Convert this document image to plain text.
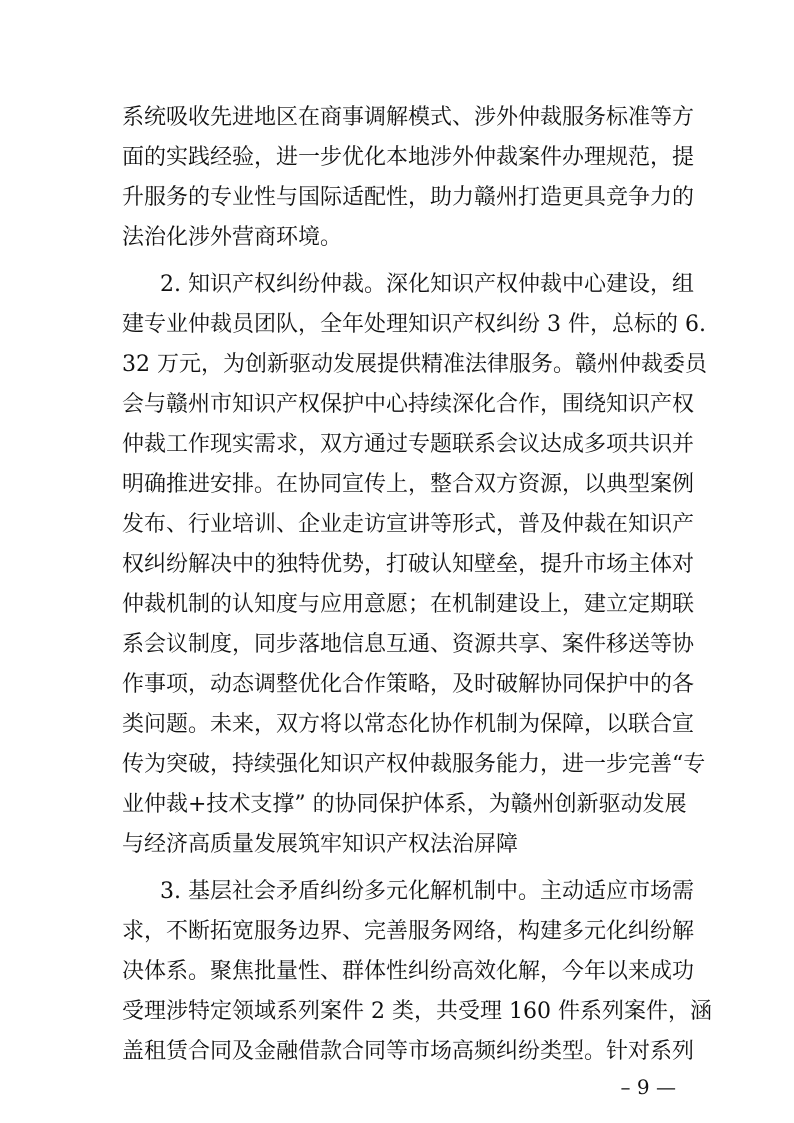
系统吸收先进地区在商事调解模式、涉外仲裁服务标准等方
面的实践经验，进一步优化本地涉外仲裁案件办理规范，提
升服务的专业性与国际适配性，助力赣州打造更具竞争力的
法治化涉外营商环境。
2. 知识产权纠纷仲裁。深化知识产权仲裁中心建设，组
建专业仲裁员团队，全年处理知识产权纠纷 3 件，总标的 6.
32 万元，为创新驱动发展提供精准法律服务。赣州仲裁委员
会与赣州市知识产权保护中心持续深化合作，围绕知识产权
仲裁工作现实需求，双方通过专题联系会议达成多项共识并
明确推进安排。在协同宣传上，整合双方资源，以典型案例
发布、行业培训、企业走访宣讲等形式，普及仲裁在知识产
权纠纷解决中的独特优势，打破认知壁垒，提升市场主体对
仲裁机制的认知度与应用意愿；在机制建设上，建立定期联
系会议制度，同步落地信息互通、资源共享、案件移送等协
作事项，动态调整优化合作策略，及时破解协同保护中的各
类问题。未来，双方将以常态化协作机制为保障，以联合宣
传为突破，持续强化知识产权仲裁服务能力，进一步完善“专
业仲裁+技术支撑” 的协同保护体系，为赣州创新驱动发展
与经济高质量发展筑牢知识产权法治屏障
3. 基层社会矛盾纠纷多元化解机制中。主动适应市场需
求，不断拓宽服务边界、完善服务网络，构建多元化纠纷解
决体系。聚焦批量性、群体性纠纷高效化解，今年以来成功
受理涉特定领域系列案件 2 类，共受理 160 件系列案件，涵
盖租赁合同及金融借款合同等市场高频纠纷类型。针对系列
– 9 —
